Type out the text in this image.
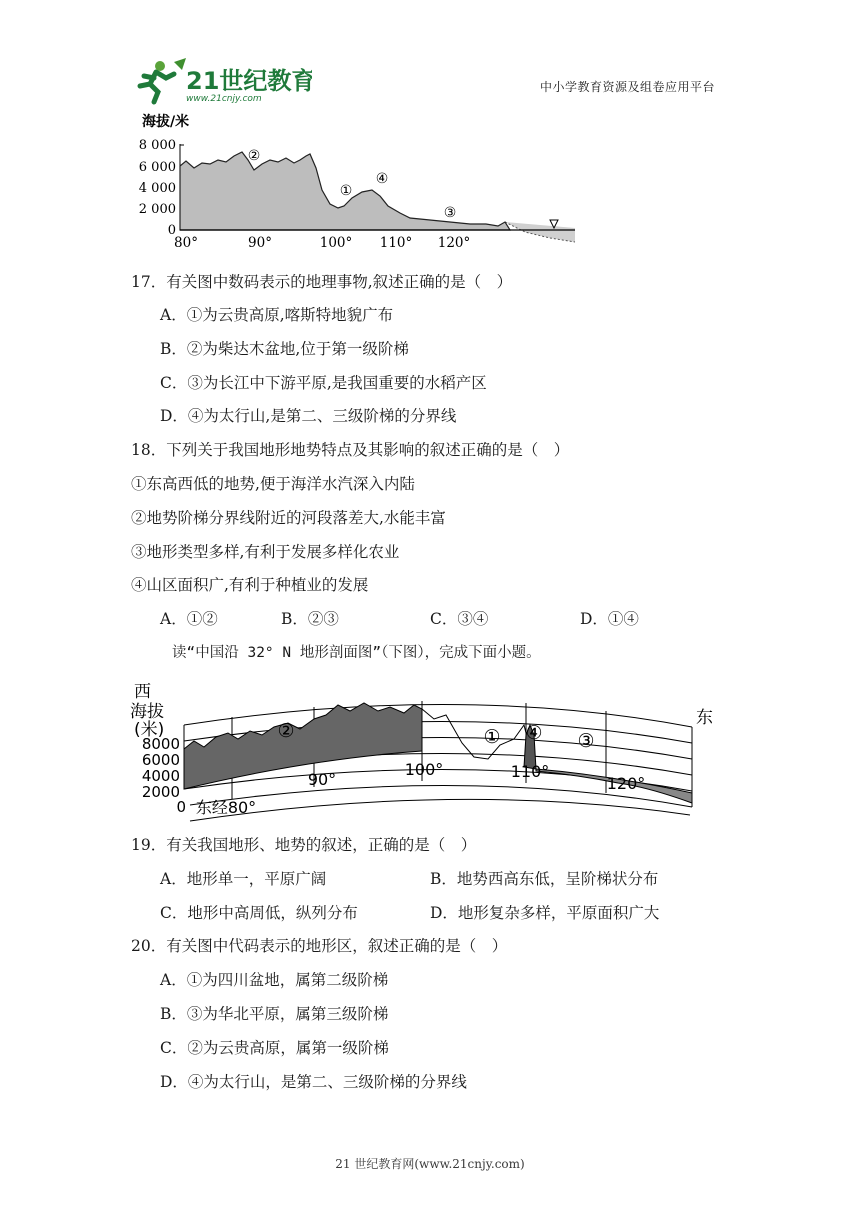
21世纪教育
www.21cnjy.com
中小学教育资源及组卷应用平台
海拔/米
8 000
6 000
4 000
2 000
0
②
①
④
③
80°	90°	100° 110° 120°
17．有关图中数码表示的地理事物,叙述正确的是（　）
A．①为云贵高原,喀斯特地貌广布
B．②为柴达木盆地,位于第一级阶梯
C．③为长江中下游平原,是我国重要的水稻产区
D．④为太行山,是第二、三级阶梯的分界线
18．下列关于我国地形地势特点及其影响的叙述正确的是（　）
①东高西低的地势,便于海洋水汽深入内陆
②地势阶梯分界线附近的河段落差大,水能丰富
③地形类型多样,有利于发展多样化农业
④山区面积广,有利于种植业的发展
A．①②	B．②③	C．③④	D．①④
读“中国沿 32° N 地形剖面图”（下图），完成下面小题。
西
海拔
(米)
东
8000
6000
4000
2000
0
②	① ④ ③
东经80°
90°
100°	110°
120°
19．有关我国地形、地势的叙述，正确的是（　）
A．地形单一，平原广阔	B．地势西高东低，呈阶梯状分布
C．地形中高周低，纵列分布	D．地形复杂多样，平原面积广大
20．有关图中代码表示的地形区，叙述正确的是（　）
A．①为四川盆地，属第二级阶梯
B．③为华北平原，属第三级阶梯
C．②为云贵高原，属第一级阶梯
D．④为太行山，是第二、三级阶梯的分界线
21 世纪教育网(www.21cnjy.com)
